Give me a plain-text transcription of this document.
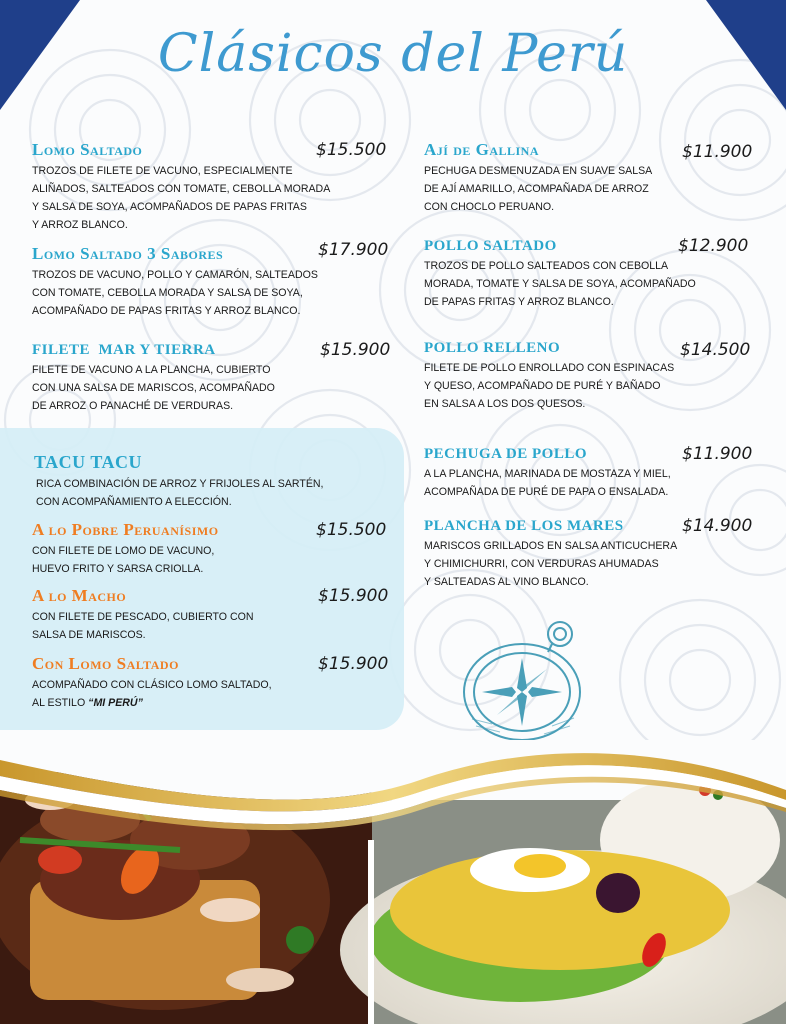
Clásicos del Perú
Lomo Saltado	$15.500
TROZOS DE FILETE DE VACUNO, ESPECIALMENTE
ALIÑADOS, SALTEADOS CON TOMATE, CEBOLLA MORADA
Y SALSA DE SOYA, ACOMPAÑADOS DE PAPAS FRITAS
Y ARROZ BLANCO.
Lomo Saltado 3 Sabores	$17.900
TROZOS DE VACUNO, POLLO Y CAMARÓN, SALTEADOS
CON TOMATE, CEBOLLA MORADA Y SALSA DE SOYA,
ACOMPAÑADO DE PAPAS FRITAS Y ARROZ BLANCO.
FILETE  MAR Y TIERRA	$15.900
FILETE DE VACUNO A LA PLANCHA, CUBIERTO
CON UNA SALSA DE MARISCOS, ACOMPAÑADO
DE ARROZ O PANACHÉ DE VERDURAS.
TACU TACU
RICA COMBINACIÓN DE ARROZ Y FRIJOLES AL SARTÉN,
CON ACOMPAÑAMIENTO A ELECCIÓN.
A lo Pobre Peruanísimo	$15.500
CON FILETE DE LOMO DE VACUNO,
HUEVO FRITO Y SARSA CRIOLLA.
A lo Macho	$15.900
CON FILETE DE PESCADO, CUBIERTO CON
SALSA DE MARISCOS.
Con Lomo Saltado	$15.900
ACOMPAÑADO CON CLÁSICO LOMO SALTADO,
AL ESTILO “MI PERÚ”
Ají de Gallina	$11.900
PECHUGA DESMENUZADA EN SUAVE SALSA
DE AJÍ AMARILLO, ACOMPAÑADA DE ARROZ
CON CHOCLO PERUANO.
POLLO SALTADO	$12.900
TROZOS DE POLLO SALTEADOS CON CEBOLLA
MORADA, TOMATE Y SALSA DE SOYA, ACOMPAÑADO
DE PAPAS FRITAS Y ARROZ BLANCO.
POLLO RELLENO	$14.500
FILETE DE POLLO ENROLLADO CON ESPINACAS
Y QUESO, ACOMPAÑADO DE PURÉ Y BAÑADO
EN SALSA A LOS DOS QUESOS.
PECHUGA DE POLLO	$11.900
A LA PLANCHA, MARINADA DE MOSTAZA Y MIEL,
ACOMPAÑADA DE PURÉ DE PAPA O ENSALADA.
PLANCHA DE LOS MARES	$14.900
MARISCOS GRILLADOS EN SALSA ANTICUCHERA
Y CHIMICHURRI, CON VERDURAS AHUMADAS
Y SALTEADAS AL VINO BLANCO.
